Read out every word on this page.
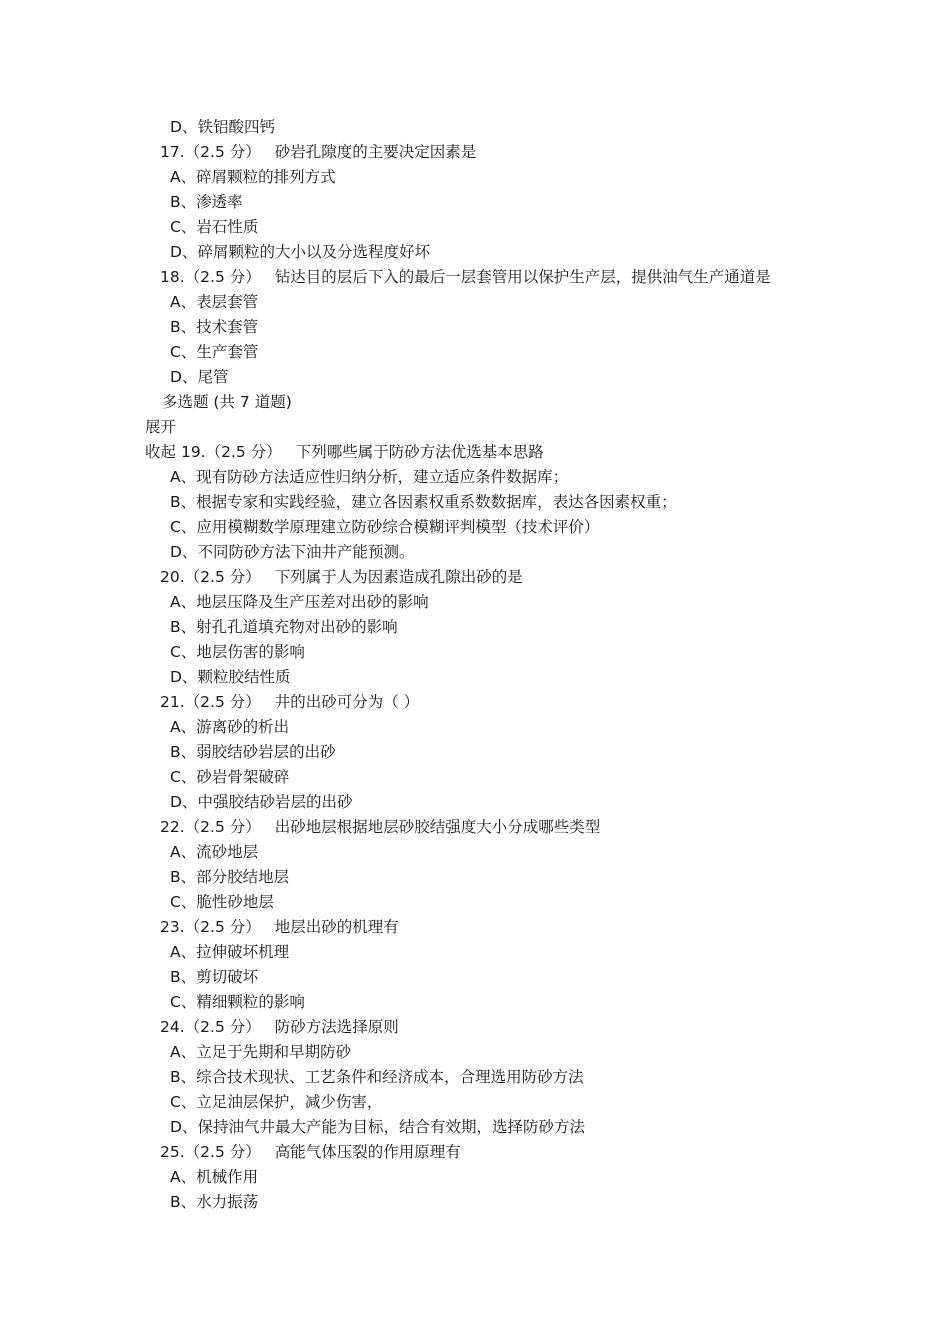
D、铁铝酸四钙
17.（2.5 分） 砂岩孔隙度的主要决定因素是
A、碎屑颗粒的排列方式
B、渗透率
C、岩石性质
D、碎屑颗粒的大小以及分选程度好坏
18.（2.5 分） 钻达目的层后下入的最后一层套管用以保护生产层，提供油气生产通道是
A、表层套管
B、技术套管
C、生产套管
D、尾管
多选题 (共 7 道题)
展开
收起 19.（2.5 分） 下列哪些属于防砂方法优选基本思路
A、现有防砂方法适应性归纳分析，建立适应条件数据库；
B、根据专家和实践经验，建立各因素权重系数数据库，表达各因素权重；
C、应用模糊数学原理建立防砂综合模糊评判模型（技术评价）
D、不同防砂方法下油井产能预测。
20.（2.5 分） 下列属于人为因素造成孔隙出砂的是
A、地层压降及生产压差对出砂的影响
B、射孔孔道填充物对出砂的影响
C、地层伤害的影响
D、颗粒胶结性质
21.（2.5 分） 井的出砂可分为（ ）
A、游离砂的析出
B、弱胶结砂岩层的出砂
C、砂岩骨架破碎
D、中强胶结砂岩层的出砂
22.（2.5 分） 出砂地层根据地层砂胶结强度大小分成哪些类型
A、流砂地层
B、部分胶结地层
C、脆性砂地层
23.（2.5 分） 地层出砂的机理有
A、拉伸破坏机理
B、剪切破坏
C、精细颗粒的影响
24.（2.5 分） 防砂方法选择原则
A、立足于先期和早期防砂
B、综合技术现状、工艺条件和经济成本，合理选用防砂方法
C、立足油层保护，减少伤害，
D、保持油气井最大产能为目标，结合有效期，选择防砂方法
25.（2.5 分） 高能气体压裂的作用原理有
A、机械作用
B、水力振荡
